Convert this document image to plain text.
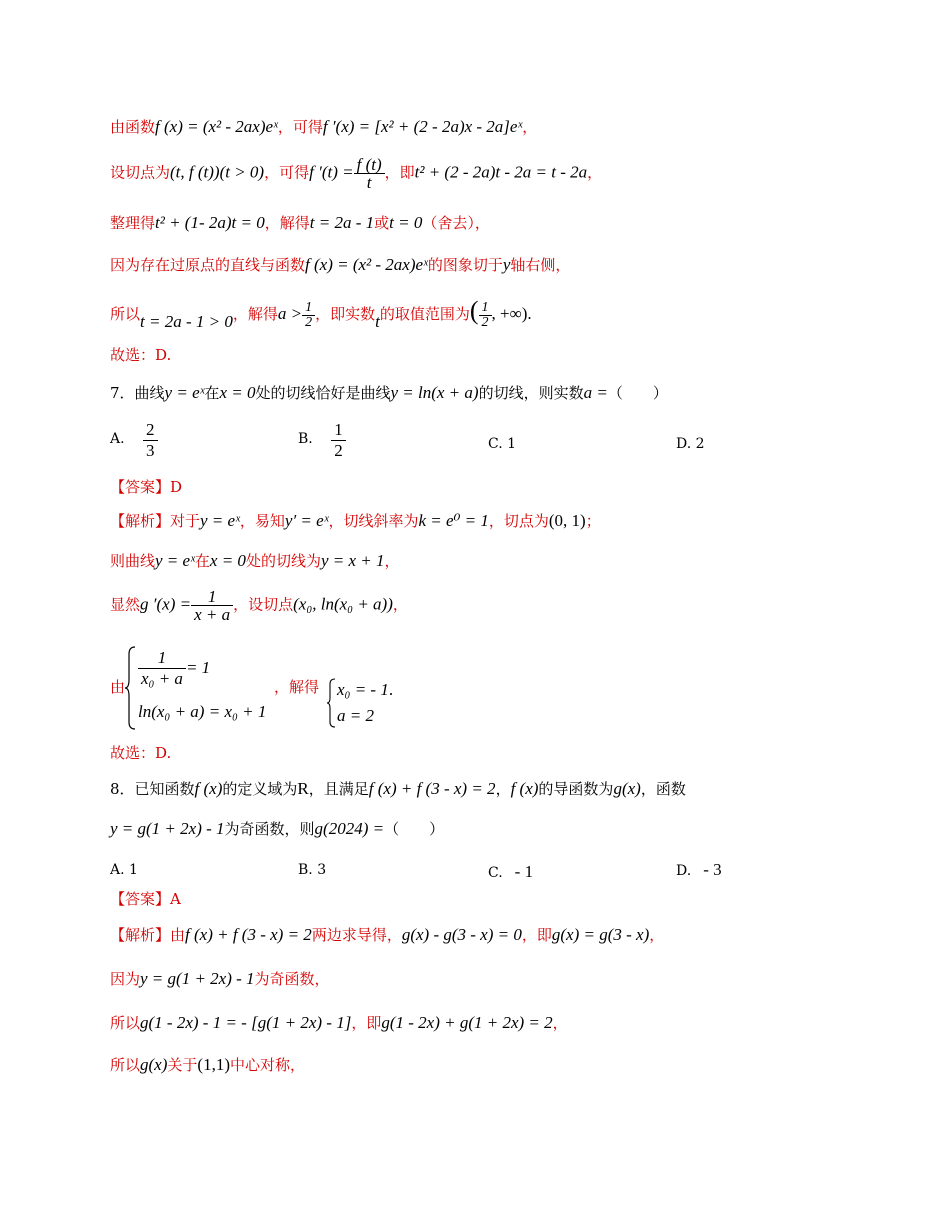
由函数f (x) = (x² - 2ax)eˣ，可得f ′(x) = [x² + (2 - 2a)x - 2a]eˣ，
设切点为(t, f (t))(t > 0)，可得f $'(t) = \frac{f (t)}{t}$ ，即t² + (2 - 2a)t - 2a = t - 2a，
整理得t² + (1- 2a)t = 0，解得t = 2a - 1或t = 0（舍去），
因为存在过原点的直线与函数f (x) = (x² - 2ax)eˣ的图象切于y轴右侧，
所以t = 2a - 1 > 0，解得$a > \frac{1}{2}$ ，即实数t的取值范围为( $\frac{1}{2}$ , +∞).
故选：D.
7．曲线y = eˣ在x = 0处的切线恰好是曲线y = ln(x + a)的切线，则实数a =（　　）
A. $\frac{2}{3}$	B. $\frac{1}{2}$	C. 1	D. 2
【答案】D
【解析】对于y = eˣ，易知y′ = eˣ，切线斜率为k = e⁰ = 1，切点为(0, 1)；
则曲线y = eˣ在x = 0处的切线为y = x + 1，
显然g $'(x) = \frac{1}{x + a}$ ，设切点(x₀, ln(x₀ + a))，
由 $\frac{1}{\text{x₀ + a}} = 1$
ln(x₀ + a) = x₀ + 1
，解得 x₀ = - 1.
a = 2
故选：D.
8．已知函数f (x)的定义域为R，且满足f (x) + f (3 - x) = 2，f (x)的导函数为g(x)，函数
y = g(1 + 2x) - 1为奇函数，则g(2024) =（　　）
A. 1	B. 3	C. - 1	D. - 3
【答案】A
【解析】由f (x) + f (3 - x) = 2两边求导得，g(x) - g(3 - x) = 0，即g(x) = g(3 - x)，
因为y = g(1 + 2x) - 1为奇函数，
所以g(1 - 2x) - 1 = - [g(1 + 2x) - 1]，即g(1 - 2x) + g(1 + 2x) = 2，
所以g(x)关于(1,1)中心对称，
